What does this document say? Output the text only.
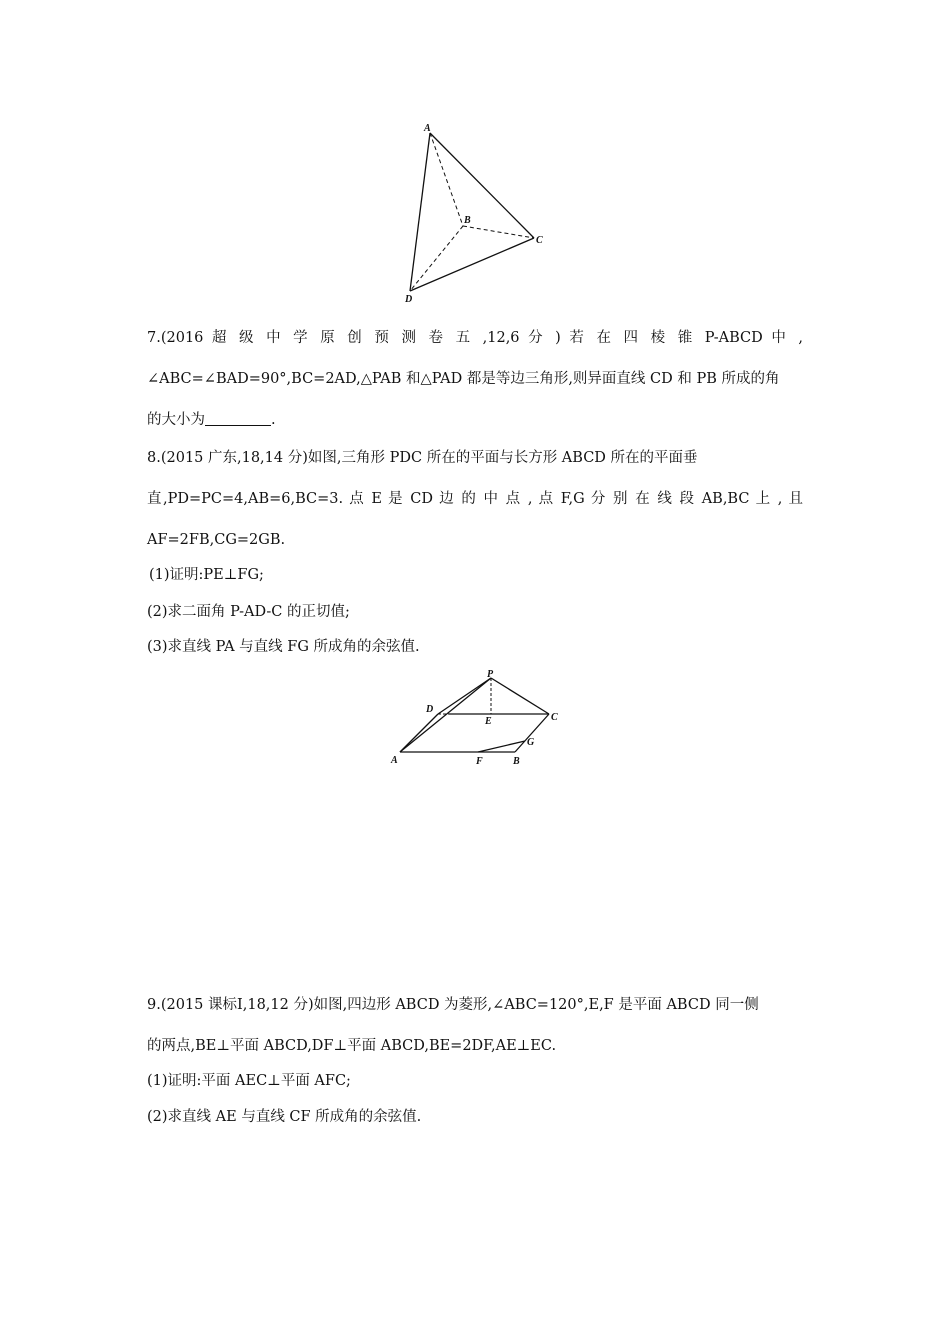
A
B
C
D
7.(2016 超 级 中 学 原 创 预 测 卷 五 ,12,6 分 ) 若 在 四 棱 锥 P-ABCD 中 ,
∠ABC=∠BAD=90°,BC=2AD,△PAB 和△PAD 都是等边三角形,则异面直线 CD 和 PB 所成的角
的大小为	.
8.(2015 广东,18,14 分)如图,三角形 PDC 所在的平面与长方形 ABCD 所在的平面垂
直,PD=PC=4,AB=6,BC=3. 点 E 是 CD 边 的 中 点 , 点 F,G 分 别 在 线 段 AB,BC 上 , 且
AF=2FB,CG=2GB.
(1)证明:PE⊥FG;
(2)求二面角 P-AD-C 的正切值;
(3)求直线 PA 与直线 FG 所成角的余弦值.
P
D
E	C
G
A	F	B
9.(2015 课标Ⅰ,18,12 分)如图,四边形 ABCD 为菱形,∠ABC=120°,E,F 是平面 ABCD 同一侧
的两点,BE⊥平面 ABCD,DF⊥平面 ABCD,BE=2DF,AE⊥EC.
(1)证明:平面 AEC⊥平面 AFC;
(2)求直线 AE 与直线 CF 所成角的余弦值.
